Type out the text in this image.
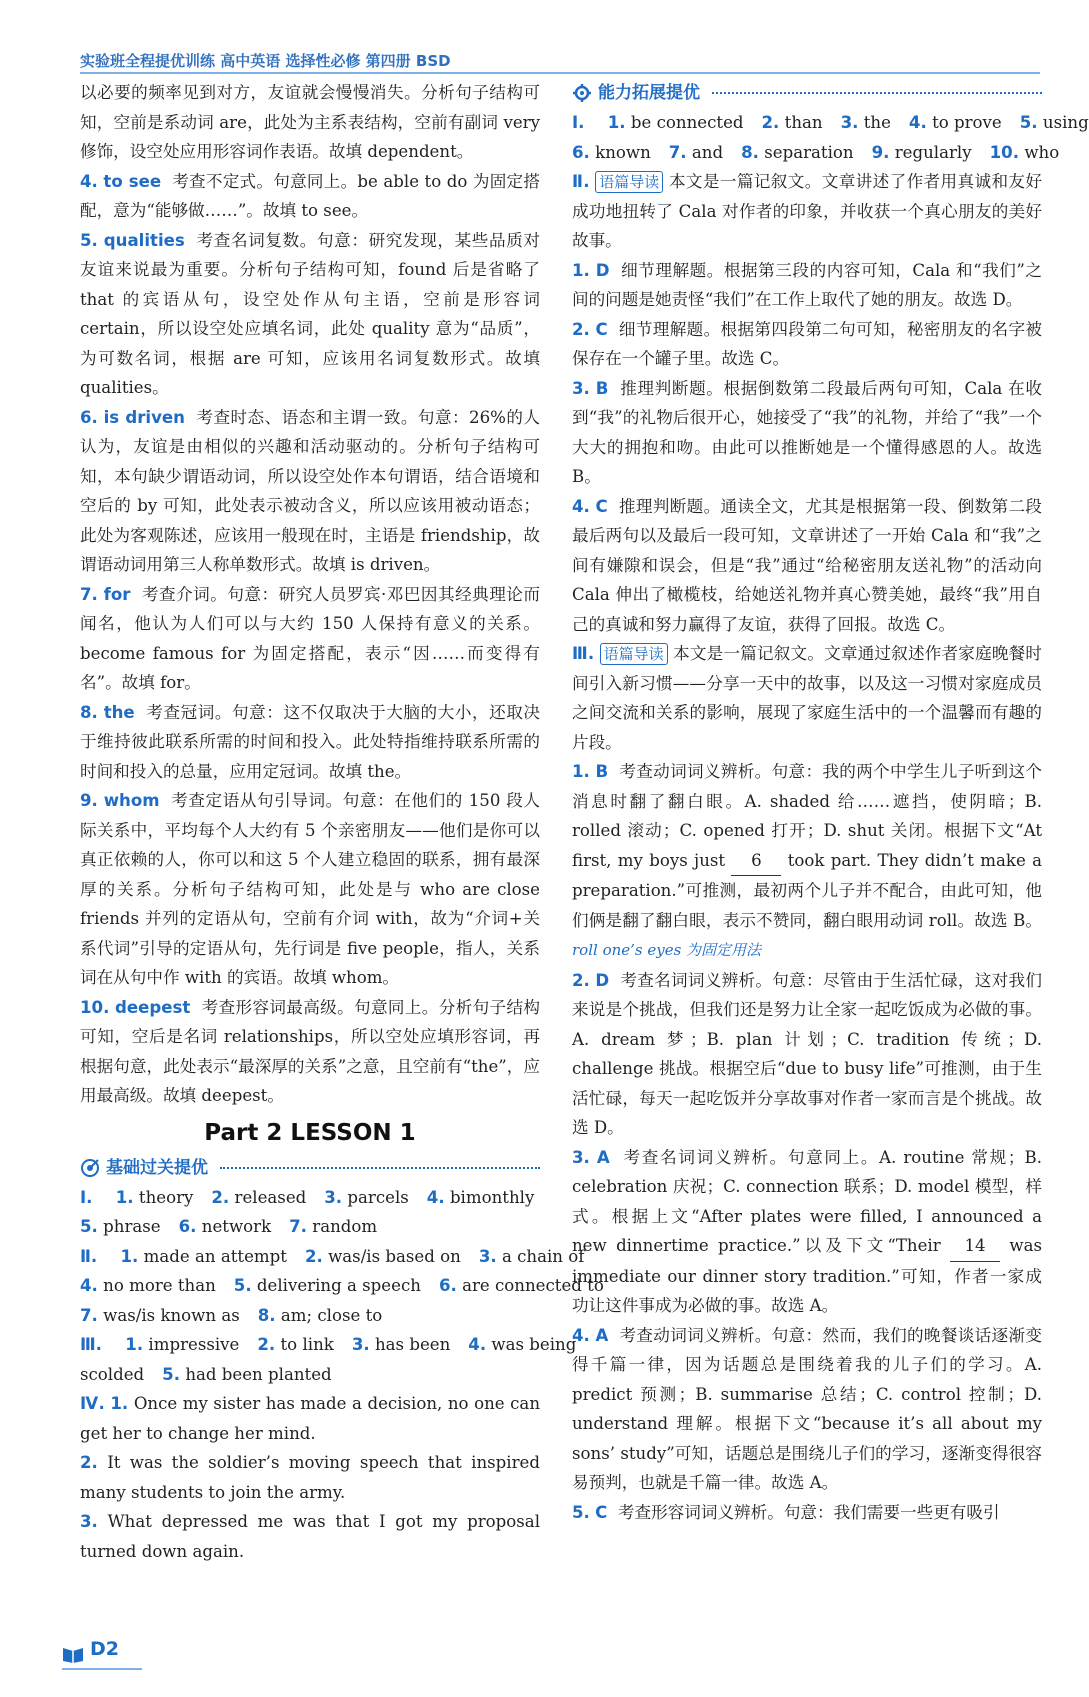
实验班全程提优训练 高中英语 选择性必修 第四册 BSD

以必要的频率见到对方，友谊就会慢慢消失。分析句子结构可知，空前是系动词 are，此处为主系表结构，空前有副词 very 修饰，设空处应用形容词作表语。故填 dependent。

4. to see 考查不定式。句意同上。be able to do 为固定搭配，意为“能够做……”。故填 to see。

5. qualities 考查名词复数。句意：研究发现，某些品质对友谊来说最为重要。分析句子结构可知，found 后是省略了 that 的宾语从句，设空处作从句主语，空前是形容词 certain，所以设空处应填名词，此处 quality 意为“品质”，为可数名词，根据 are 可知，应该用名词复数形式。故填 qualities。

6. is driven 考查时态、语态和主谓一致。句意：26%的人认为，友谊是由相似的兴趣和活动驱动的。分析句子结构可知，本句缺少谓语动词，所以设空处作本句谓语，结合语境和空后的 by 可知，此处表示被动含义，所以应该用被动语态；此处为客观陈述，应该用一般现在时，主语是 friendship，故谓语动词用第三人称单数形式。故填 is driven。

7. for 考查介词。句意：研究人员罗宾·邓巴因其经典理论而闻名，他认为人们可以与大约 150 人保持有意义的关系。become famous for 为固定搭配，表示“因……而变得有名”。故填 for。

8. the 考查冠词。句意：这不仅取决于大脑的大小，还取决于维持彼此联系所需的时间和投入。此处特指维持联系所需的时间和投入的总量，应用定冠词。故填 the。

9. whom 考查定语从句引导词。句意：在他们的 150 段人际关系中，平均每个人大约有 5 个亲密朋友——他们是你可以真正依赖的人，你可以和这 5 个人建立稳固的联系，拥有最深厚的关系。分析句子结构可知，此处是与 who are close friends 并列的定语从句，空前有介词 with，故为“介词+关系代词”引导的定语从句，先行词是 five people，指人，关系词在从句中作 with 的宾语。故填 whom。

10. deepest 考查形容词最高级。句意同上。分析句子结构可知，空后是名词 relationships，所以空处应填形容词，再根据句意，此处表示“最深厚的关系”之意，且空前有“the”，应用最高级。故填 deepest。

Part 2 LESSON 1
基础过关提优
Ⅰ. 1. theory 2. released 3. parcels 4. bimonthly
5. phrase 6. network 7. random
Ⅱ. 1. made an attempt 2. was/is based on 3. a chain of
4. no more than 5. delivering a speech 6. are connected to
7. was/is known as 8. am; close to
Ⅲ. 1. impressive 2. to link 3. has been 4. was being
scolded 5. had been planted

Ⅳ. 1. Once my sister has made a decision, no one can get her to change her mind.

2. It was the soldier’s moving speech that inspired many students to join the army.

3. What depressed me was that I got my proposal turned down again.

能力拓展提优
Ⅰ. 1. be connected 2. than 3. the 4. to prove 5. using
6. known 7. and 8. separation 9. regularly 10. who

Ⅱ. 语篇导读 本文是一篇记叙文。文章讲述了作者用真诚和友好成功地扭转了 Cala 对作者的印象，并收获一个真心朋友的美好故事。

1. D 细节理解题。根据第三段的内容可知，Cala 和“我们”之间的问题是她责怪“我们”在工作上取代了她的朋友。故选 D。

2. C 细节理解题。根据第四段第二句可知，秘密朋友的名字被保存在一个罐子里。故选 C。

3. B 推理判断题。根据倒数第二段最后两句可知，Cala 在收到“我”的礼物后很开心，她接受了“我”的礼物，并给了“我”一个大大的拥抱和吻。由此可以推断她是一个懂得感恩的人。故选 B。

4. C 推理判断题。通读全文，尤其是根据第一段、倒数第二段最后两句以及最后一段可知，文章讲述了一开始 Cala 和“我”之间有嫌隙和误会，但是“我”通过“给秘密朋友送礼物”的活动向 Cala 伸出了橄榄枝，给她送礼物并真心赞美她，最终“我”用自己的真诚和努力赢得了友谊，获得了回报。故选 C。

Ⅲ. 语篇导读 本文是一篇记叙文。文章通过叙述作者家庭晚餐时间引入新习惯——分享一天中的故事，以及这一习惯对家庭成员之间交流和关系的影响，展现了家庭生活中的一个温馨而有趣的片段。

1. B 考查动词词义辨析。句意：我的两个中学生儿子听到这个消息时翻了翻白眼。A. shaded 给……遮挡，使阴暗；B. rolled 滚动；C. opened 打开；D. shut 关闭。根据下文“At first, my boys just 6 took part. They didn’t make a preparation.”可推测，最初两个儿子并不配合，由此可知，他们俩是翻了翻白眼，表示不赞同，翻白眼用动词 roll。故选 B。 roll one’s eyes 为固定用法

2. D 考查名词词义辨析。句意：尽管由于生活忙碌，这对我们来说是个挑战，但我们还是努力让全家一起吃饭成为必做的事。A. dream 梦；B. plan 计划；C. tradition 传统；D. challenge 挑战。根据空后“due to busy life”可推测，由于生活忙碌，每天一起吃饭并分享故事对作者一家而言是个挑战。故选 D。

3. A 考查名词词义辨析。句意同上。A. routine 常规；B. celebration 庆祝；C. connection 联系；D. model 模型，样式。根据上文“After plates were filled, I announced a new dinnertime practice.”以及下文“Their 14 was immediate our dinner story tradition.”可知，作者一家成功让这件事成为必做的事。故选 A。

4. A 考查动词词义辨析。句意：然而，我们的晚餐谈话逐渐变得千篇一律，因为话题总是围绕着我的儿子们的学习。A. predict 预测；B. summarise 总结；C. control 控制；D. understand 理解。根据下文“because it’s all about my sons’ study”可知，话题总是围绕儿子们的学习，逐渐变得很容易预判，也就是千篇一律。故选 A。

5. C 考查形容词词义辨析。句意：我们需要一些更有吸引

D2
